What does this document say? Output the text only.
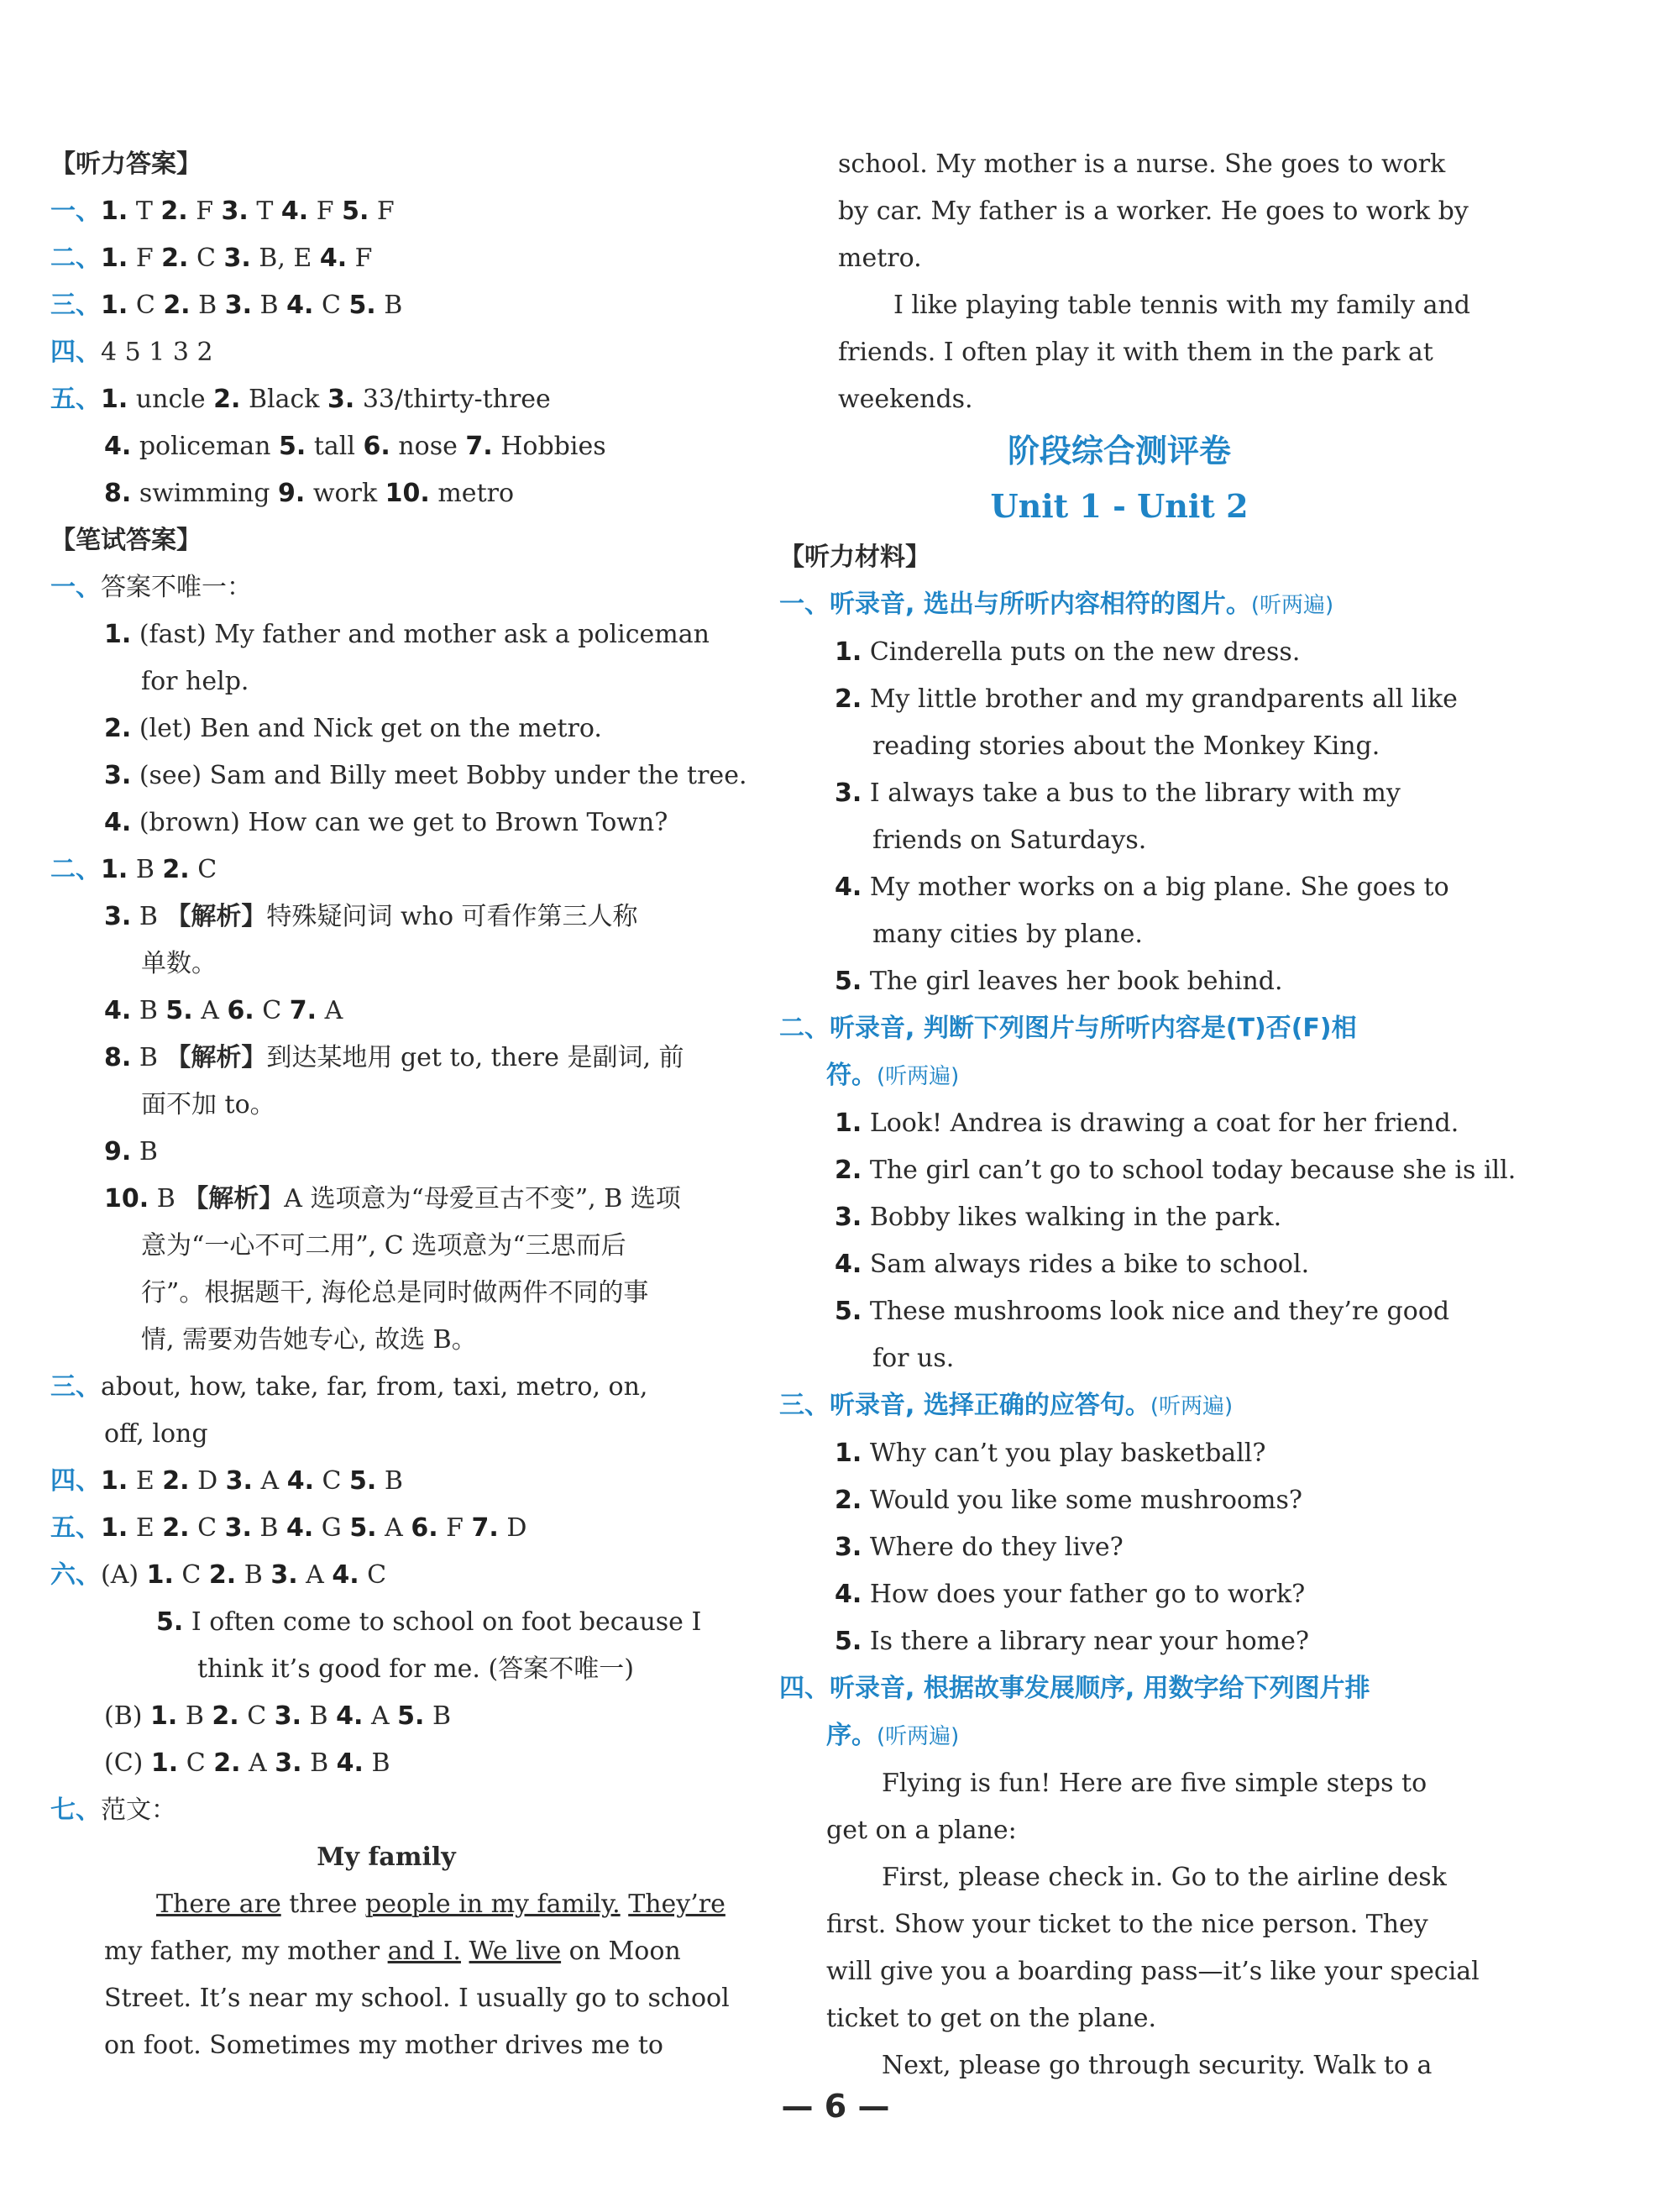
【听力答案】
一、1. T 2. F 3. T 4. F 5. F
二、1. F 2. C 3. B, E 4. F
三、1. C 2. B 3. B 4. C 5. B
四、4 5 1 3 2
五、1. uncle 2. Black 3. 33/thirty-three
4. policeman 5. tall 6. nose 7. Hobbies
8. swimming 9. work 10. metro
【笔试答案】
一、答案不唯一：
1. (fast) My father and mother ask a policeman
for help.
2. (let) Ben and Nick get on the metro.
3. (see) Sam and Billy meet Bobby under the tree.
4. (brown) How can we get to Brown Town?
二、1. B 2. C
3. B 【解析】特殊疑问词 who 可看作第三人称
单数。
4. B 5. A 6. C 7. A
8. B 【解析】到达某地用 get to, there 是副词, 前
面不加 to。
9. B
10. B 【解析】A 选项意为“母爱亘古不变”, B 选项
意为“一心不可二用”, C 选项意为“三思而后
行”。根据题干, 海伦总是同时做两件不同的事
情, 需要劝告她专心, 故选 B。
三、about, how, take, far, from, taxi, metro, on,
off, long
四、1. E 2. D 3. A 4. C 5. B
五、1. E 2. C 3. B 4. G 5. A 6. F 7. D
六、(A) 1. C 2. B 3. A 4. C
5. I often come to school on foot because I
think it’s good for me. (答案不唯一)
(B) 1. B 2. C 3. B 4. A 5. B
(C) 1. C 2. A 3. B 4. B
七、范文：
My family
There are three people in my family. They’re
my father, my mother and I. We live on Moon
Street. It’s near my school. I usually go to school
on foot. Sometimes my mother drives me to
school. My mother is a nurse. She goes to work
by car. My father is a worker. He goes to work by
metro.
I like playing table tennis with my family and
friends. I often play it with them in the park at
weekends.
阶段综合测评卷
Unit 1 - Unit 2
【听力材料】
一、听录音, 选出与所听内容相符的图片。(听两遍)
1. Cinderella puts on the new dress.
2. My little brother and my grandparents all like
reading stories about the Monkey King.
3. I always take a bus to the library with my
friends on Saturdays.
4. My mother works on a big plane. She goes to
many cities by plane.
5. The girl leaves her book behind.
二、听录音, 判断下列图片与所听内容是(T)否(F)相
符。(听两遍)
1. Look! Andrea is drawing a coat for her friend.
2. The girl can’t go to school today because she is ill.
3. Bobby likes walking in the park.
4. Sam always rides a bike to school.
5. These mushrooms look nice and they’re good
for us.
三、听录音, 选择正确的应答句。(听两遍)
1. Why can’t you play basketball?
2. Would you like some mushrooms?
3. Where do they live?
4. How does your father go to work?
5. Is there a library near your home?
四、听录音, 根据故事发展顺序, 用数字给下列图片排
序。(听两遍)
Flying is fun! Here are five simple steps to
get on a plane:
First, please check in. Go to the airline desk
first. Show your ticket to the nice person. They
will give you a boarding pass—it’s like your special
ticket to get on the plane.
Next, please go through security. Walk to a
— 6 —
